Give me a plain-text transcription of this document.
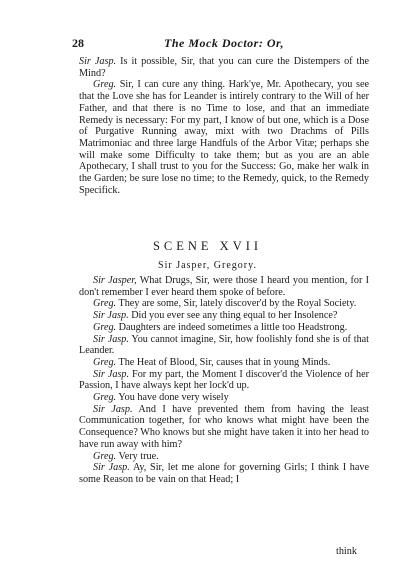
28	The Mock Doctor: Or,

Sir Jasp. Is it possible, Sir, that you can cure the Distempers of the Mind?

Greg. Sir, I can cure any thing. Hark'ye, Mr. Apothecary, you see that the Love she has for Leander is intirely contrary to the Will of her Father, and that there is no Time to lose, and that an immediate Remedy is necessary: For my part, I know of but one, which is a Dose of Purgative Running away, mixt with two Drachms of Pills Matrimoniac and three large Handfuls of the Arbor Vitæ; perhaps she will make some Difficulty to take them; but as you are an able Apothecary, I shall trust to you for the Success: Go, make her walk in the Garden; be sure lose no time; to the Remedy, quick, to the Remedy Specifick.

SCENE XVII
Sir Jasper, Gregory.

Sir Jasper, What Drugs, Sir, were those I heard you mention, for I don't remember I ever heard them spoke of before.

Greg. They are some, Sir, lately discover'd by the Royal Society.

Sir Jasp. Did you ever see any thing equal to her Insolence?

Greg. Daughters are indeed sometimes a little too Headstrong.

Sir Jasp. You cannot imagine, Sir, how foolishly fond she is of that Leander.

Greg. The Heat of Blood, Sir, causes that in young Minds.

Sir Jasp. For my part, the Moment I discover'd the Violence of her Passion, I have always kept her lock'd up.

Greg. You have done very wisely

Sir Jasp. And I have prevented them from having the least Communication together, for who knows what might have been the Consequence? Who knows but she might have taken it into her head to have run away with him?

Greg. Very true.

Sir Jasp. Ay, Sir, let me alone for governing Girls; I think I have some Reason to be vain on that Head; I

think
